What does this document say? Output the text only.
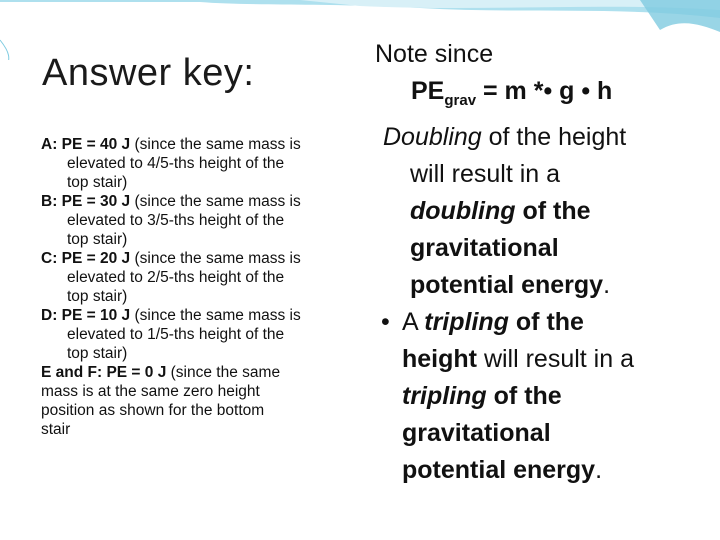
Answer key:
A: PE = 40 J (since the same mass is
elevated to 4/5-ths height of the
top stair)
B: PE = 30 J (since the same mass is
elevated to 3/5-ths height of the
top stair)
C: PE = 20 J (since the same mass is
elevated to 2/5-ths height of the
top stair)
D: PE = 10 J (since the same mass is
elevated to 1/5-ths height of the
top stair)
E and F: PE = 0 J (since the same
mass is at the same zero height
position as shown for the bottom
stair
Note since
$PE_{grav} = m$ *• g • h
Doubling of the height
will result in a
doubling of the
gravitational
potential energy.
• A tripling of the
height will result in a
tripling of the
gravitational
potential energy.
